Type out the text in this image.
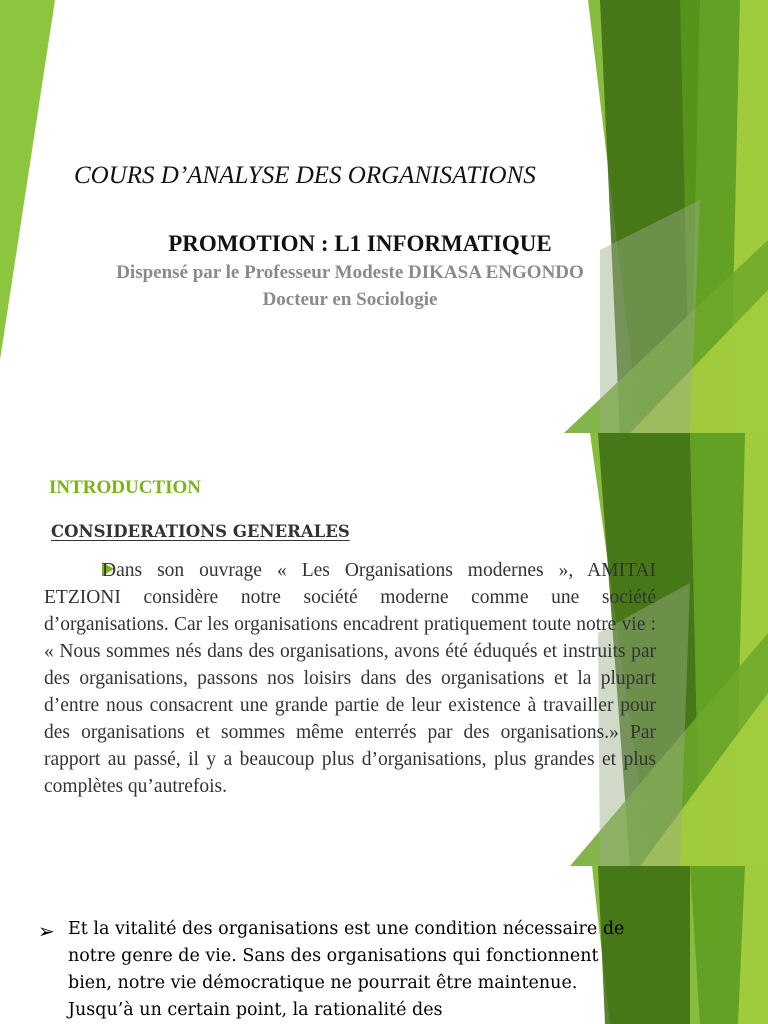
COURS D’ANALYSE DES ORGANISATIONS
PROMOTION : L1 INFORMATIQUE
Dispensé par le Professeur Modeste DIKASA ENGONDO
Docteur en Sociologie
INTRODUCTION
CONSIDERATIONS GENERALES
Dans son ouvrage « Les Organisations modernes », AMITAI ETZIONI considère notre société moderne comme une société d’organisations. Car les organisations encadrent pratiquement toute notre vie : « Nous sommes nés dans des organisations, avons été éduqués et instruits par des organisations, passons nos loisirs dans des organisations et la plupart d’entre nous consacrent une grande partie de leur existence à travailler pour des organisations et sommes même enterrés par des organisations.» Par rapport au passé, il y a beaucoup plus d’organisations, plus grandes et plus complètes qu’autrefois.
➢ Et la vitalité des organisations est une condition nécessaire de notre genre de vie. Sans des organisations qui fonctionnent bien, notre vie démocratique ne pourrait être maintenue. Jusqu’à un certain point, la rationalité des
